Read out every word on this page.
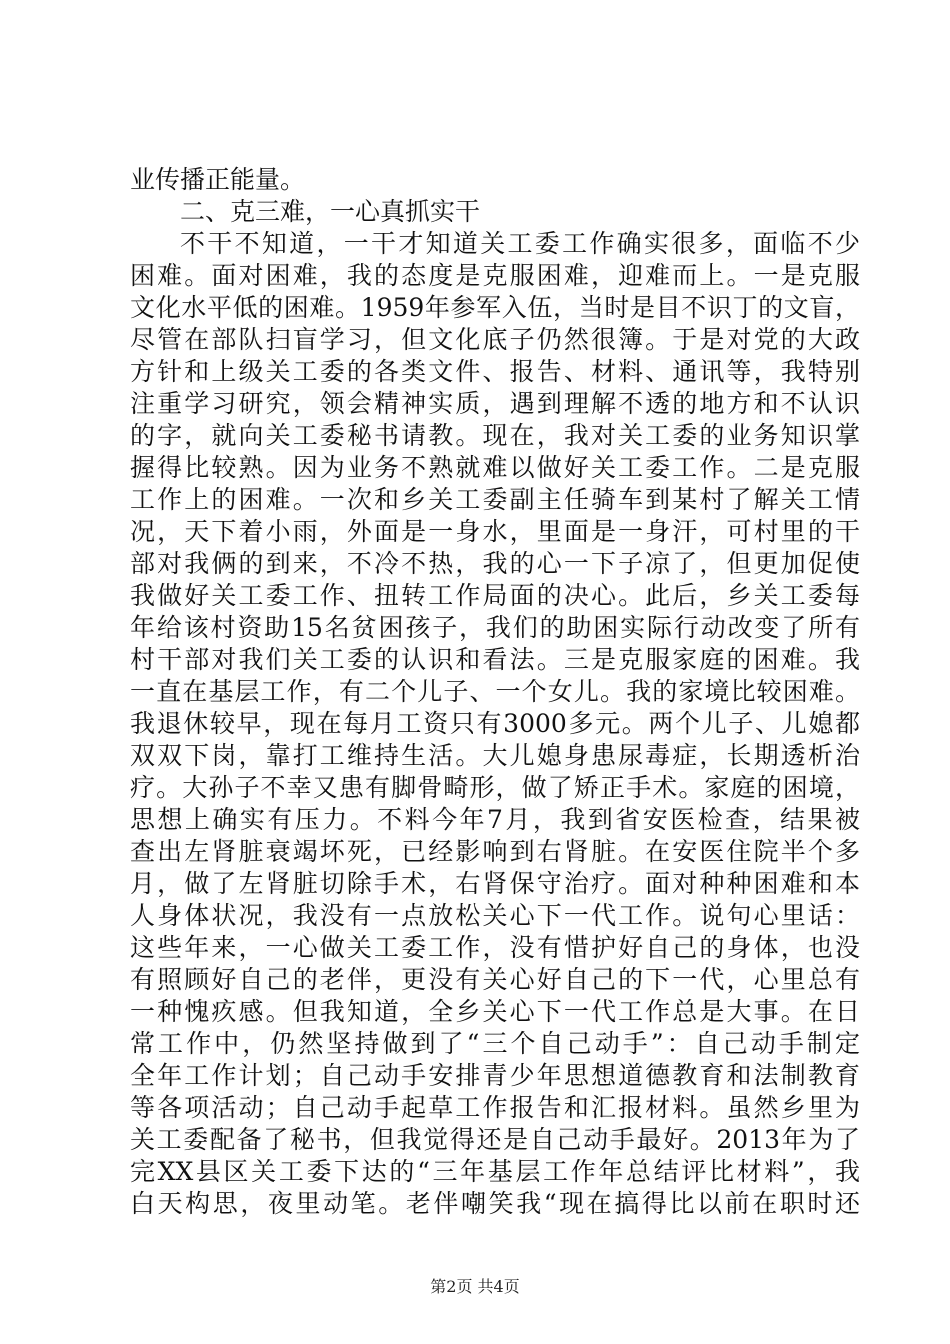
业传播正能量。
二、克三难，一心真抓实干
不干不知道，一干才知道关工委工作确实很多，面临不少
困难。面对困难，我的态度是克服困难，迎难而上。一是克服
文化水平低的困难。1959年参军入伍，当时是目不识丁的文盲，
尽管在部队扫盲学习，但文化底子仍然很簿。于是对党的大政
方针和上级关工委的各类文件、报告、材料、通讯等，我特别
注重学习研究，领会精神实质，遇到理解不透的地方和不认识
的字，就向关工委秘书请教。现在，我对关工委的业务知识掌
握得比较熟。因为业务不熟就难以做好关工委工作。二是克服
工作上的困难。一次和乡关工委副主任骑车到某村了解关工情
况，天下着小雨，外面是一身水，里面是一身汗，可村里的干
部对我俩的到来，不冷不热，我的心一下子凉了，但更加促使
我做好关工委工作、扭转工作局面的决心。此后，乡关工委每
年给该村资助15名贫困孩子，我们的助困实际行动改变了所有
村干部对我们关工委的认识和看法。三是克服家庭的困难。我
一直在基层工作，有二个儿子、一个女儿。我的家境比较困难。
我退休较早，现在每月工资只有3000多元。两个儿子、儿媳都
双双下岗，靠打工维持生活。大儿媳身患尿毒症，长期透析治
疗。大孙子不幸又患有脚骨畸形，做了矫正手术。家庭的困境，
思想上确实有压力。不料今年7月，我到省安医检查，结果被
查出左肾脏衰竭坏死，已经影响到右肾脏。在安医住院半个多
月，做了左肾脏切除手术，右肾保守治疗。面对种种困难和本
人身体状况，我没有一点放松关心下一代工作。说句心里话：
这些年来，一心做关工委工作，没有惜护好自己的身体，也没
有照顾好自己的老伴，更没有关心好自己的下一代，心里总有
一种愧疚感。但我知道，全乡关心下一代工作总是大事。在日
常工作中，仍然坚持做到了“三个自己动手”：自己动手制定
全年工作计划；自己动手安排青少年思想道德教育和法制教育
等各项活动；自己动手起草工作报告和汇报材料。虽然乡里为
关工委配备了秘书，但我觉得还是自己动手最好。2013年为了
完XX县区关工委下达的“三年基层工作年总结评比材料”，我
白天构思，夜里动笔。老伴嘲笑我“现在搞得比以前在职时还
第2页 共4页
